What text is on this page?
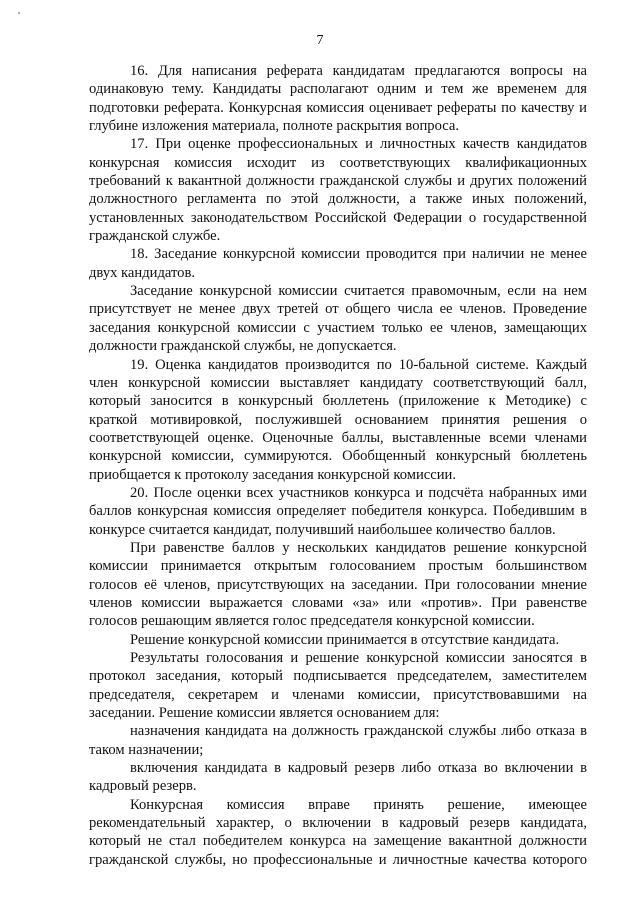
7

16. Для написания реферата кандидатам предлагаются вопросы на одинаковую тему. Кандидаты располагают одним и тем же временем для подготовки реферата. Конкурсная комиссия оценивает рефераты по качеству и глубине изложения материала, полноте раскрытия вопроса.

17. При оценке профессиональных и личностных качеств кандидатов конкурсная комиссия исходит из соответствующих квалификационных требований к вакантной должности гражданской службы и других положений должностного регламента по этой должности, а также иных положений, установленных законодательством Российской Федерации о государственной гражданской службе.

18. Заседание конкурсной комиссии проводится при наличии не менее двух кандидатов.

Заседание конкурсной комиссии считается правомочным, если на нем присутствует не менее двух третей от общего числа ее членов. Проведение заседания конкурсной комиссии с участием только ее членов, замещающих должности гражданской службы, не допускается.

19. Оценка кандидатов производится по 10-бальной системе. Каждый член конкурсной комиссии выставляет кандидату соответствующий балл, который заносится в конкурсный бюллетень (приложение к Методике) с краткой мотивировкой, послужившей основанием принятия решения о соответствующей оценке. Оценочные баллы, выставленные всеми членами конкурсной комиссии, суммируются. Обобщенный конкурсный бюллетень приобщается к протоколу заседания конкурсной комиссии.

20. После оценки всех участников конкурса и подсчёта набранных ими баллов конкурсная комиссия определяет победителя конкурса. Победившим в конкурсе считается кандидат, получивший наибольшее количество баллов.

При равенстве баллов у нескольких кандидатов решение конкурсной комиссии принимается открытым голосованием простым большинством голосов её членов, присутствующих на заседании. При голосовании мнение членов комиссии выражается словами «за» или «против». При равенстве голосов решающим является голос председателя конкурсной комиссии.

Решение конкурсной комиссии принимается в отсутствие кандидата.

Результаты голосования и решение конкурсной комиссии заносятся в протокол заседания, который подписывается председателем, заместителем председателя, секретарем и членами комиссии, присутствовавшими на заседании. Решение комиссии является основанием для:

назначения кандидата на должность гражданской службы либо отказа в таком назначении;

включения кандидата в кадровый резерв либо отказа во включении в кадровый резерв.

Конкурсная комиссия вправе принять решение, имеющее рекомендательный характер, о включении в кадровый резерв кандидата, который не стал победителем конкурса на замещение вакантной должности гражданской службы, но профессиональные и личностные качества которого
